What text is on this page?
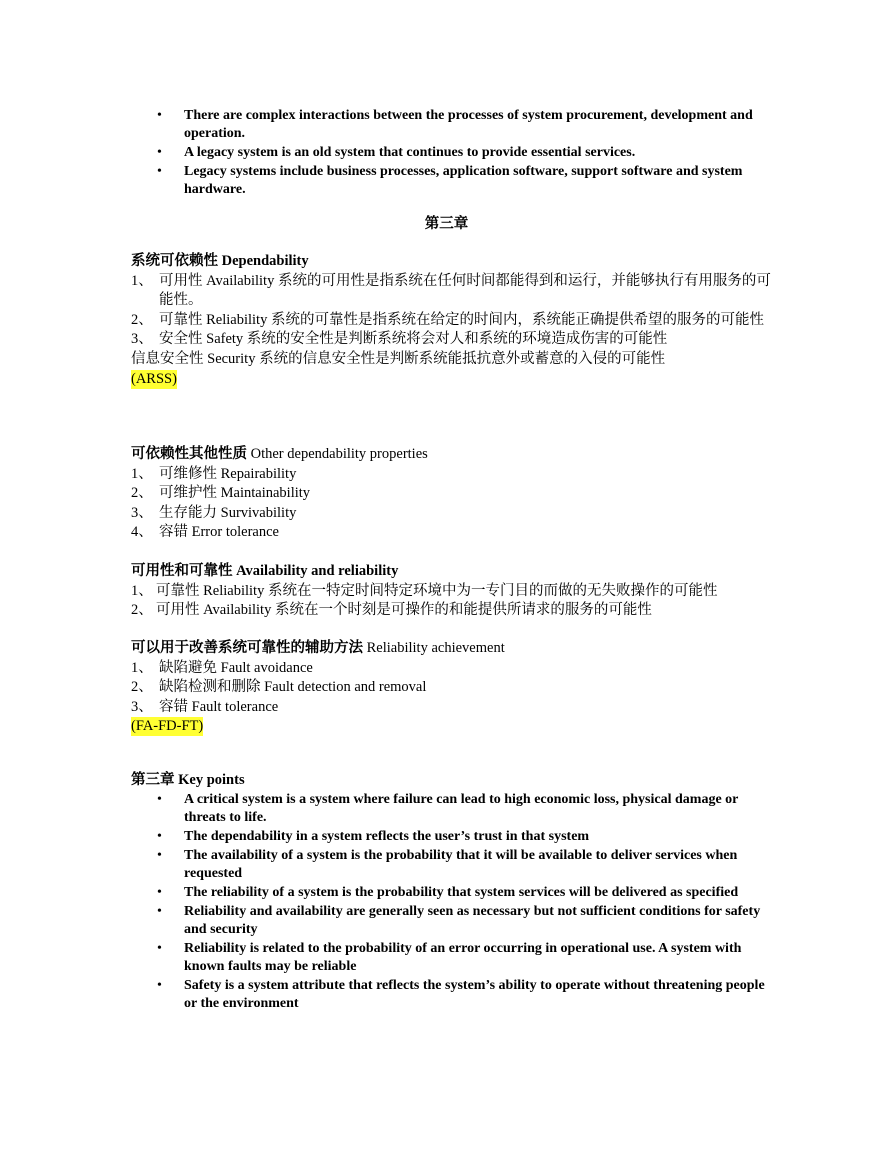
• There are complex interactions between the processes of system procurement, development and operation.
• A legacy system is an old system that continues to provide essential services.
• Legacy systems include business processes, application software, support software and system hardware.
第三章
系统可依赖性 Dependability
1、 可用性 Availability 系统的可用性是指系统在任何时间都能得到和运行，并能够执行有用服务的可能性。
2、 可靠性 Reliability 系统的可靠性是指系统在给定的时间内，系统能正确提供希望的服务的可能性
3、 安全性 Safety 系统的安全性是判断系统将会对人和系统的环境造成伤害的可能性
信息安全性 Security 系统的信息安全性是判断系统能抵抗意外或蓄意的入侵的可能性
(ARSS)
可依赖性其他性质 Other dependability properties
1、 可维修性 Repairability
2、 可维护性 Maintainability
3、 生存能力 Survivability
4、 容错 Error tolerance
可用性和可靠性 Availability and reliability
1、 可靠性 Reliability 系统在一特定时间特定环境中为一专门目的而做的无失败操作的可能性
2、 可用性 Availability 系统在一个时刻是可操作的和能提供所请求的服务的可能性
可以用于改善系统可靠性的辅助方法 Reliability achievement
1、 缺陷避免 Fault avoidance
2、 缺陷检测和删除 Fault detection and removal
3、 容错 Fault tolerance
(FA-FD-FT)
第三章 Key points
• A critical system is a system where failure can lead to high economic loss, physical damage or threats to life.
• The dependability in a system reflects the user’s trust in that system
• The availability of a system is the probability that it will be available to deliver services when requested
• The reliability of a system is the probability that system services will be delivered as specified
• Reliability and availability are generally seen as necessary but not sufficient conditions for safety and security
• Reliability is related to the probability of an error occurring in operational use. A system with known faults may be reliable
• Safety is a system attribute that reflects the system’s ability to operate without threatening people or the environment
